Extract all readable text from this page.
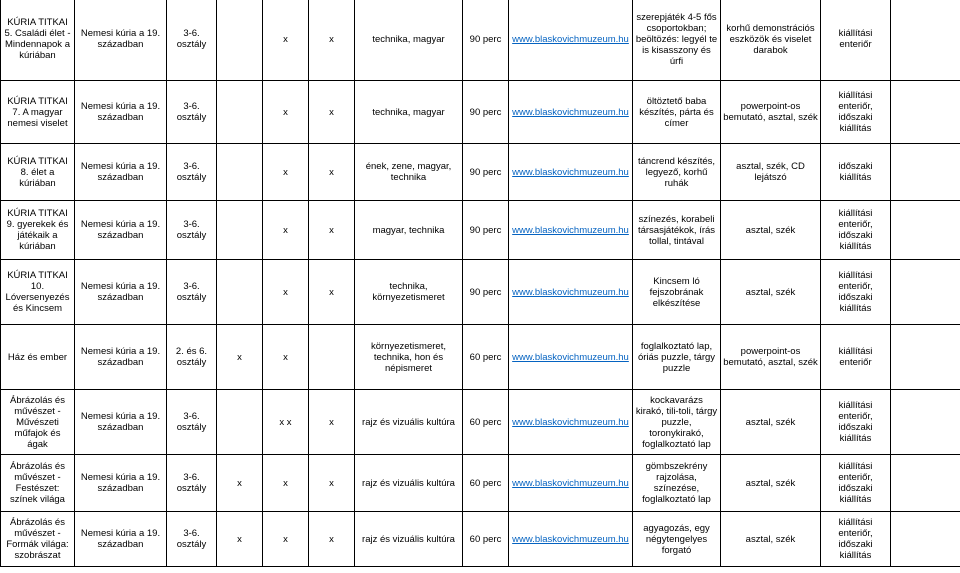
KÚRIA TITKAI 5. Családi élet - Mindennapok a kúriában	Nemesi kúria a 19. században	3-6. osztály		x	x	technika, magyar	90 perc	www.blaskovichmuzeum.hu	szerepjáték 4-5 fős csoportokban; beöltözés: legyél te is kisasszony és úrfi	korhű demonstrációs eszközök és viselet darabok	kiállítási enteriőr	
KÚRIA TITKAI 7. A magyar nemesi viselet	Nemesi kúria a 19. században	3-6. osztály		x	x	technika, magyar	90 perc	www.blaskovichmuzeum.hu	öltöztető baba készítés, párta és címer	powerpoint-os bemutató, asztal, szék	kiállítási enteriőr, időszaki kiállítás	
KÚRIA TITKAI 8. élet a kúriában	Nemesi kúria a 19. században	3-6. osztály		x	x	ének, zene, magyar, technika	90 perc	www.blaskovichmuzeum.hu	táncrend készítés, legyező, korhű ruhák	asztal, szék, CD lejátszó	időszaki kiállítás	
KÚRIA TITKAI 9. gyerekek és játékaik a kúriában	Nemesi kúria a 19. században	3-6. osztály		x	x	magyar, technika	90 perc	www.blaskovichmuzeum.hu	színezés, korabeli társasjátékok, írás tollal, tintával	asztal, szék	kiállítási enteriőr, időszaki kiállítás	
KÚRIA TITKAI 10. Lóversenyezés és Kincsem	Nemesi kúria a 19. században	3-6. osztály		x	x	technika, környezetismeret	90 perc	www.blaskovichmuzeum.hu	Kincsem ló fejszobrának elkészítése	asztal, szék	kiállítási enteriőr, időszaki kiállítás	
Ház és ember	Nemesi kúria a 19. században	2. és 6. osztály	x	x		környezetismeret, technika, hon és népismeret	60 perc	www.blaskovichmuzeum.hu	foglalkoztató lap, óriás puzzle, tárgy puzzle	powerpoint-os bemutató, asztal, szék	kiállítási enteriőr	
Ábrázolás és művészet - Művészeti műfajok és ágak	Nemesi kúria a 19. században	3-6. osztály		x x	x	rajz és vizuális kultúra	60 perc	www.blaskovichmuzeum.hu	kockavarázs kirakó, tili-toli, tárgy puzzle, toronykirakó, foglalkoztató lap	asztal, szék	kiállítási enteriőr, időszaki kiállítás	
Ábrázolás és művészet - Festészet: színek világa	Nemesi kúria a 19. században	3-6. osztály	x	x	x	rajz és vizuális kultúra	60 perc	www.blaskovichmuzeum.hu	gömbszekrény rajzolása, színezése, foglalkoztató lap	asztal, szék	kiállítási enteriőr, időszaki kiállítás	
Ábrázolás és művészet - Formák világa: szobrászat	Nemesi kúria a 19. században	3-6. osztály	x	x	x	rajz és vizuális kultúra	60 perc	www.blaskovichmuzeum.hu	agyagozás, egy négytengelyes forgató	asztal, szék	kiállítási enteriőr, időszaki kiállítás	
